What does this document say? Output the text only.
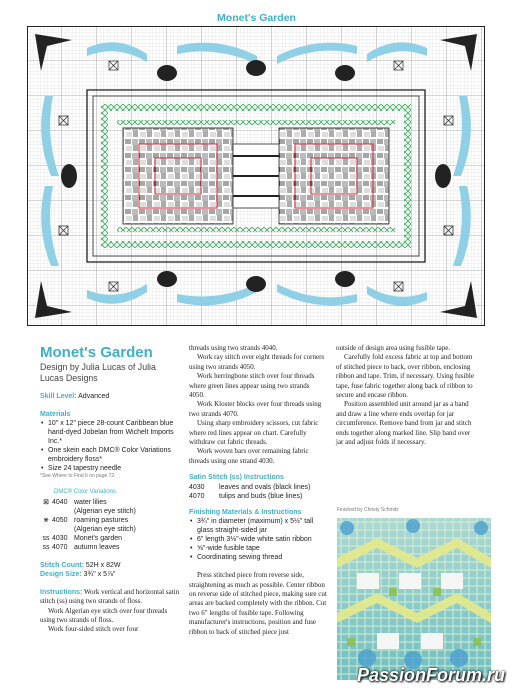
Monet's Garden
Monet's Garden
Design by Julia Lucas of Julia Lucas Designs
Skill Level: Advanced
Materials
• 10" x 12" piece 28-count Caribbean blue hand-dyed Jobelan from Wichelt Imports Inc.*
• One skein each DMC® Color Variations embroidery floss*
• Size 24 tapestry needle
*See Where to Find It on page 72.
DMC® Color Variations
⊠	4040	water lilies
(Algerian eye stitch)
⋇	4050	roaming pastures
(Algerian eye stitch)
ss	4030	Monet's garden
ss	4070	autumn leaves
Stitch Count: 52H x 82W
Design Size: 3¾" x 5⅞"

Instructions: Work vertical and horizontal satin stitch (ss) using two strands of floss.

Work Algerian eye stitch over four threads using two strands of floss.

Work four-sided stitch over four

threads using two strands 4040.

Work ray stitch over eight threads for corners using two strands 4050.

Work herringbone stitch over four threads where green lines appear using two strands 4050.

Work Kloster blocks over four threads using two strands 4070.

Using sharp embroidery scissors, cut fabric where red lines appear on chart. Carefully withdraw cut fabric threads.

Work woven bars over remaining fabric threads using one strand 4030.

Satin Stitch (ss) Instructions
4030	leaves and ovals (black lines)
4070	tulips and buds (blue lines)
Finishing Materials & Instructions
• 3¾" in diameter (maximum) x 5½" tall glass straight-sided jar
• 6" length 3⅛"-wide white satin ribbon
• ⅝"-wide fusible tape
• Coordinating sewing thread

Press stitched piece from reverse side, straightening as much as possible. Center ribbon on reverse side of stitched piece, making sure cut areas are backed completely with the ribbon. Cut two 6" lengths of fusible tape. Following manufacturer's instructions, position and fuse ribbon to back of stitched piece just

outside of design area using fusible tape.

Carefully fold excess fabric at top and bottom of stitched piece to back, over ribbon, enclosing ribbon and tape. Trim, if necessary. Using fusible tape, fuse fabric together along back of ribbon to secure and encase ribbon.

Position assembled unit around jar as a band and draw a line where ends overlap for jar circumference. Remove band from jar and stitch ends together along marked line. Slip band over jar and adjust folds if necessary.

Finished by Christy Schmitz
PassionForum.ru
